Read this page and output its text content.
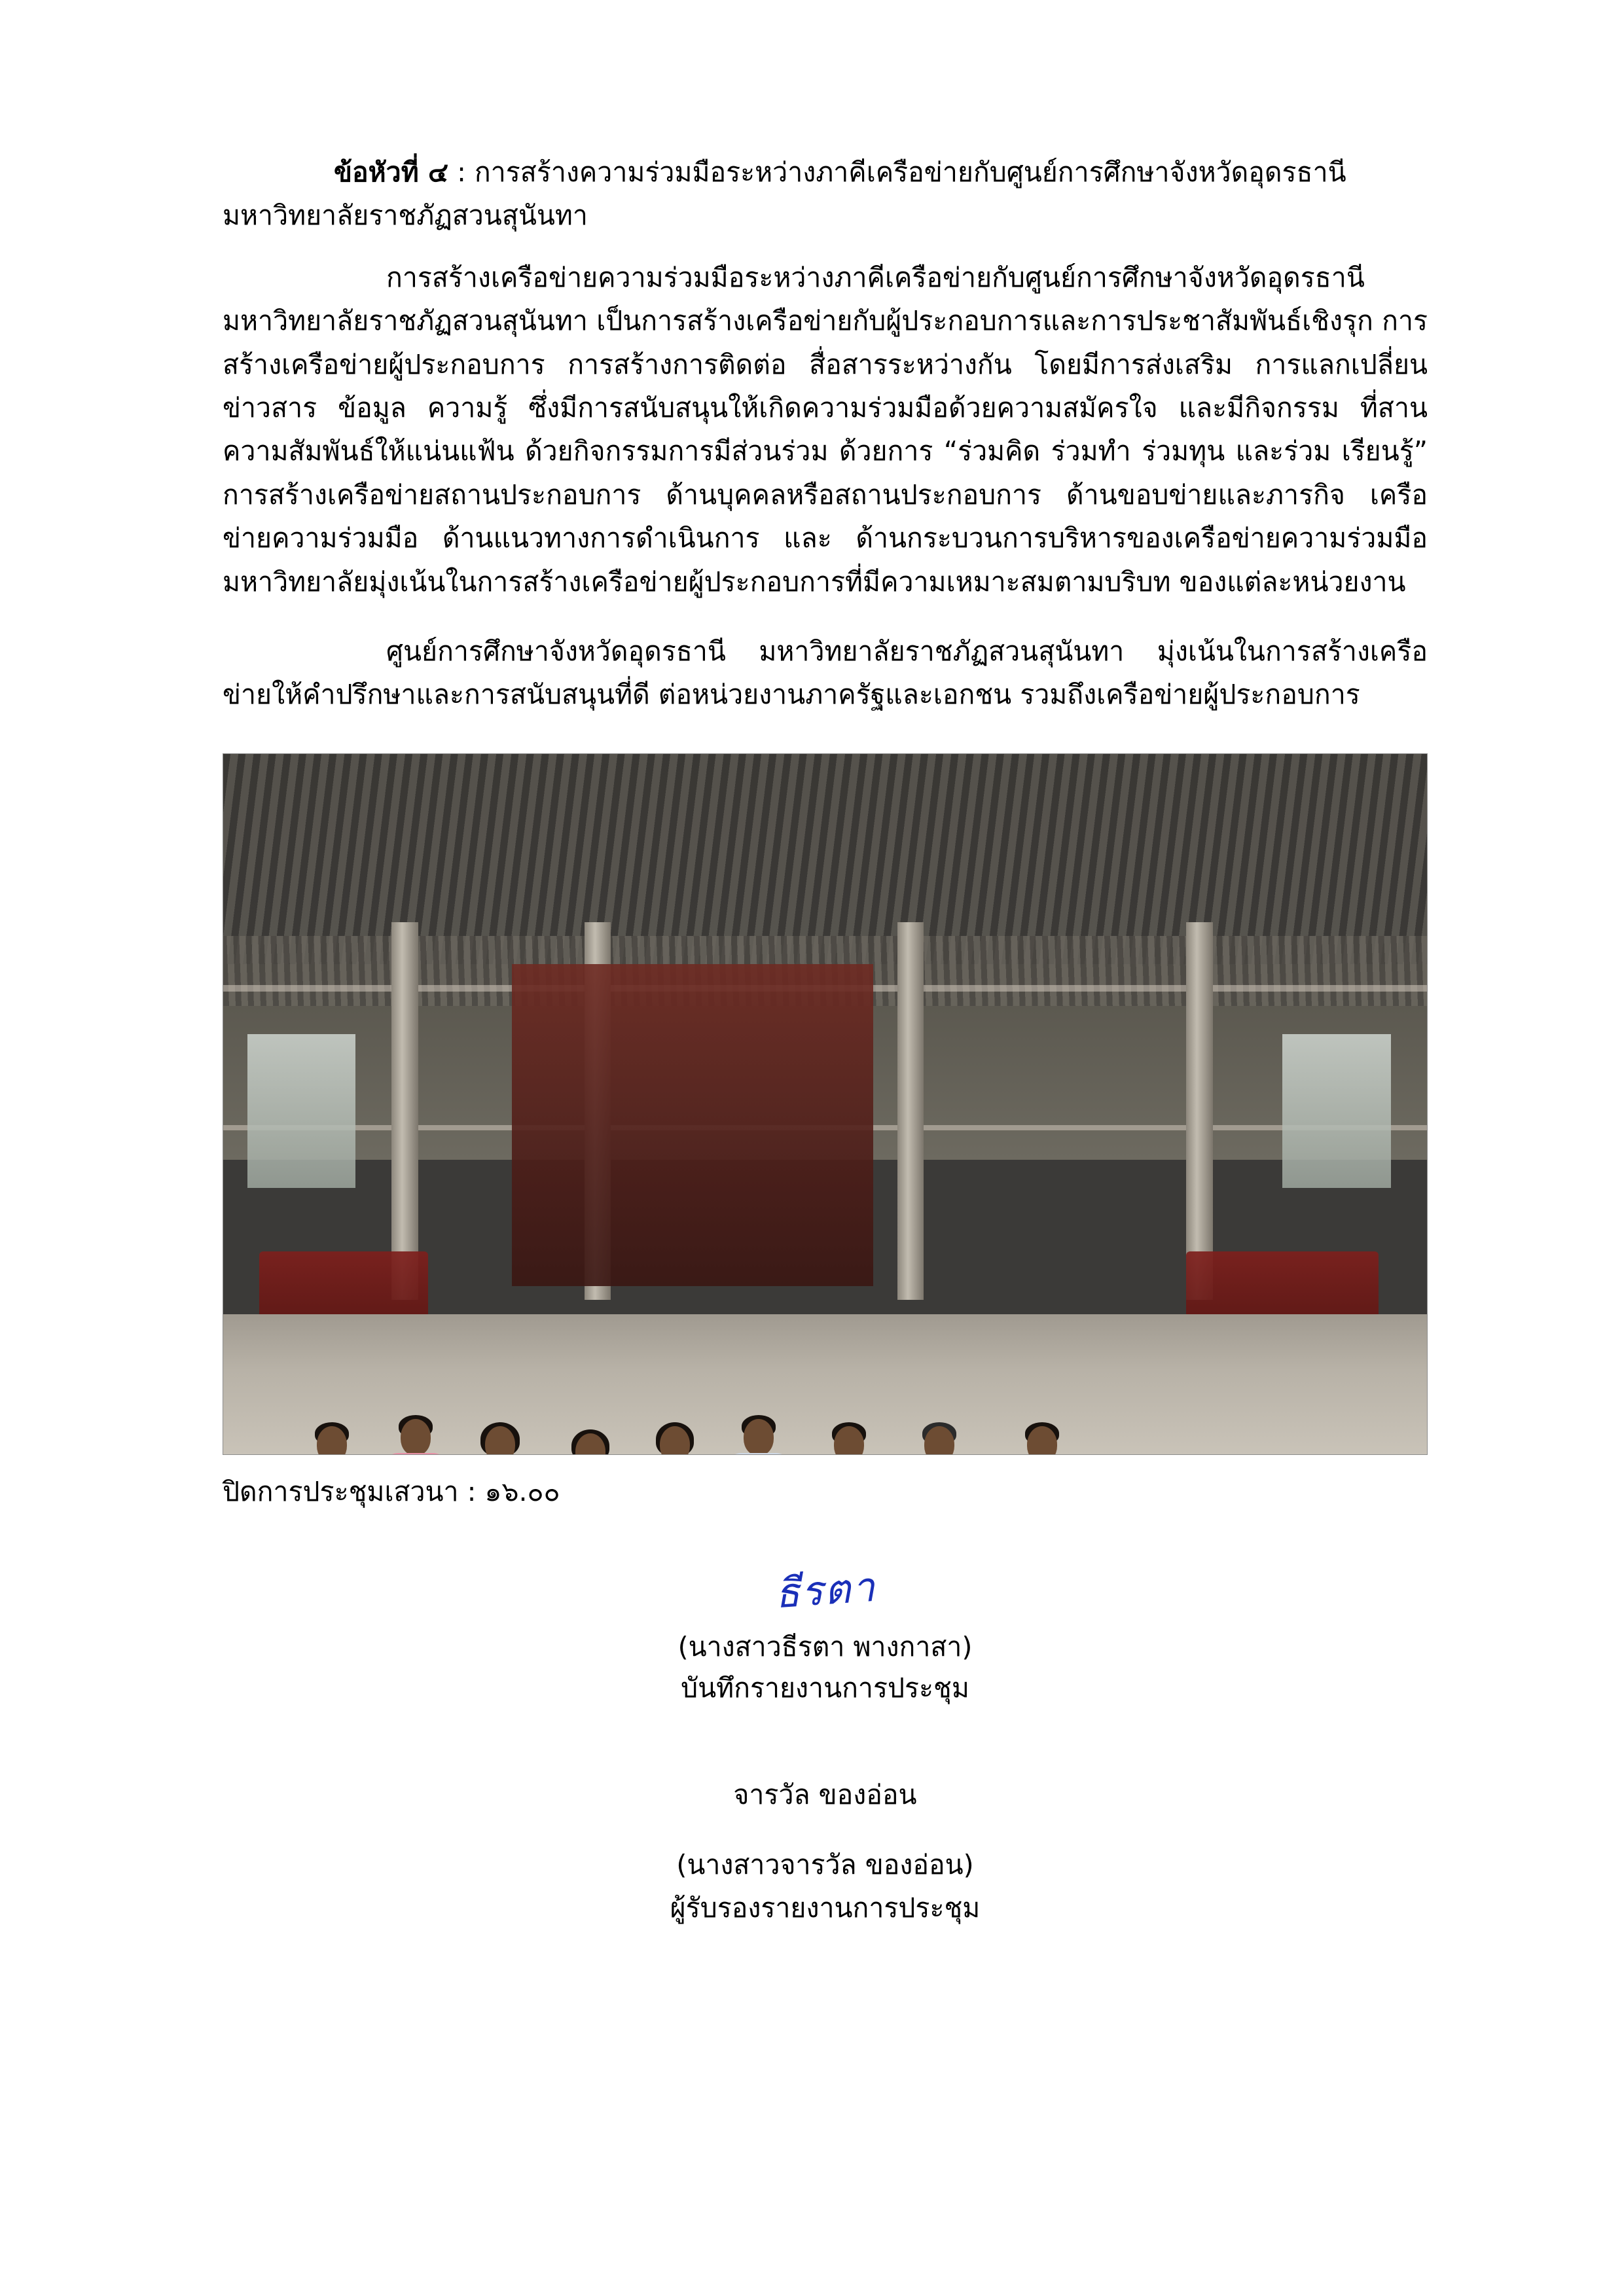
ข้อหัวที่ ๔ : การสร้างความร่วมมือระหว่างภาคีเครือข่ายกับศูนย์การศึกษาจังหวัดอุดรธานี

มหาวิทยาลัยราชภัฏสวนสุนันทา

การสร้างเครือข่ายความร่วมมือระหว่างภาคีเครือข่ายกับศูนย์การศึกษาจังหวัดอุดรธานี มหาวิทยาลัยราชภัฏสวนสุนันทา เป็นการสร้างเครือข่ายกับผู้ประกอบการและการประชาสัมพันธ์เชิงรุก การสร้างเครือข่ายผู้ประกอบการ การสร้างการติดต่อ สื่อสารระหว่างกัน โดยมีการส่งเสริม การแลกเปลี่ยนข่าวสาร ข้อมูล ความรู้ ซึ่งมีการสนับสนุนให้เกิดความร่วมมือด้วยความสมัครใจ และมีกิจกรรม ที่สานความสัมพันธ์ให้แน่นแฟ้น ด้วยกิจกรรมการมีส่วนร่วม ด้วยการ “ร่วมคิด ร่วมทำ ร่วมทุน และร่วม เรียนรู้” การสร้างเครือข่ายสถานประกอบการ ด้านบุคคลหรือสถานประกอบการ ด้านขอบข่ายและภารกิจ เครือข่ายความร่วมมือ ด้านแนวทางการดำเนินการ และ ด้านกระบวนการบริหารของเครือข่ายความร่วมมือ มหาวิทยาลัยมุ่งเน้นในการสร้างเครือข่ายผู้ประกอบการที่มีความเหมาะสมตามบริบท ของแต่ละหน่วยงาน

ศูนย์การศึกษาจังหวัดอุดรธานี มหาวิทยาลัยราชภัฏสวนสุนันทา มุ่งเน้นในการสร้างเครือข่ายให้คำปรึกษาและการสนับสนุนที่ดี ต่อหน่วยงานภาครัฐและเอกชน รวมถึงเครือข่ายผู้ประกอบการ

ปิดการประชุมเสวนา : ๑๖.๐๐

ธีรตา

(นางสาวธีรตา พางกาสา)

บันทึกรายงานการประชุม

จารวัล ของอ่อน

(นางสาวจารวัล ของอ่อน)

ผู้รับรองรายงานการประชุม
